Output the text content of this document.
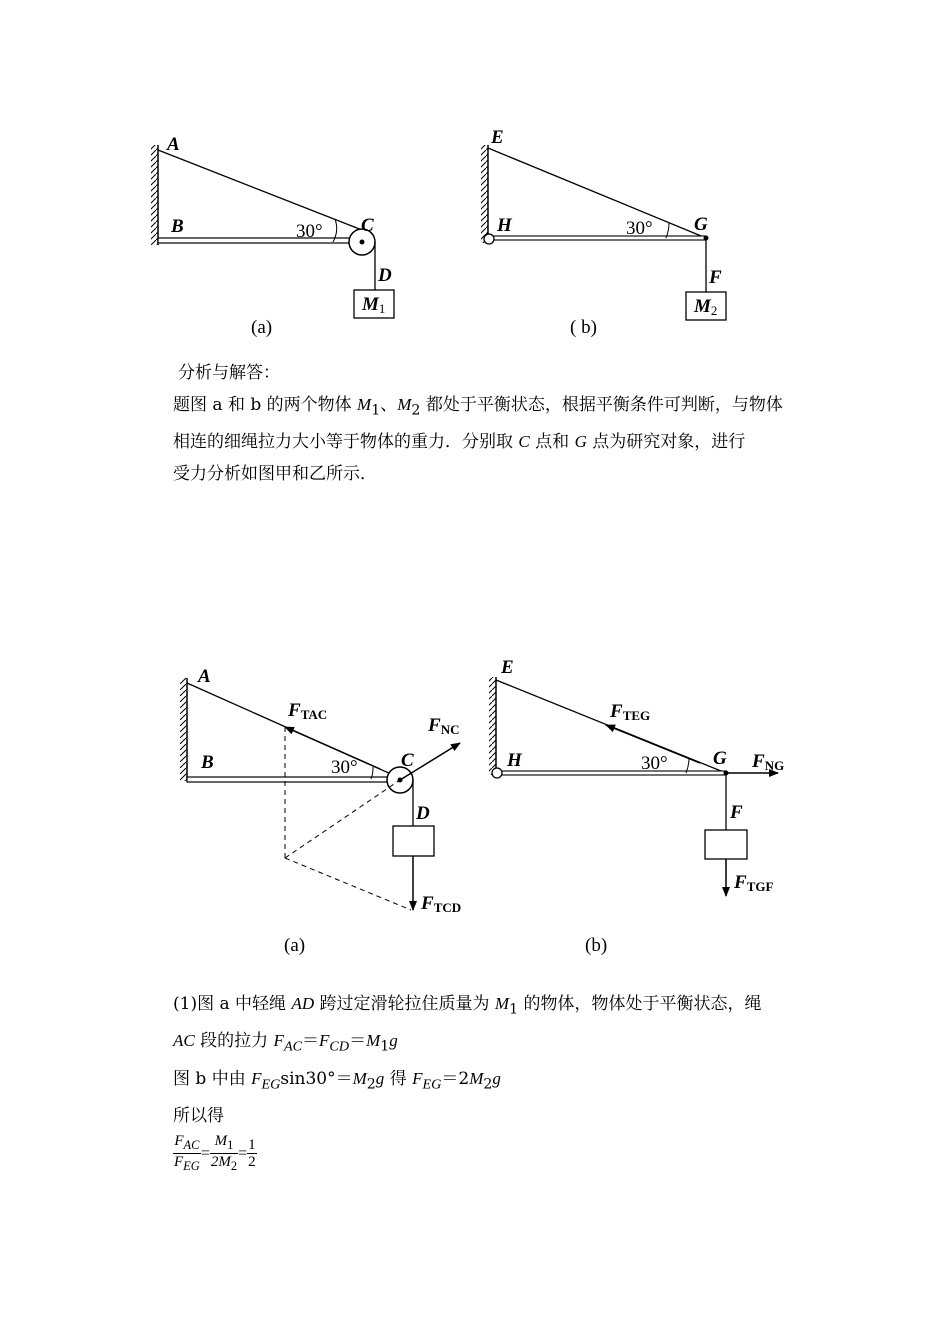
A
B	30° C
D
M1
(a)
E
H	30° G
F
M2
( b)
分析与解答：
题图 a 和 b 的两个物体 $M_1$、$M_2$ 都处于平衡状态，根据平衡条件可判断，与物体
相连的细绳拉力大小等于物体的重力．分别取 C 点和 G 点为研究对象，进行
受力分析如图甲和乙所示．
A
B	30° C
D
FTAC
FNC
FTCD
(a)
E
H	30° G
F
FTEG
FNG
FTGF
(b)
(1)图 a 中轻绳 AD 跨过定滑轮拉住质量为 $M_1$ 的物体，物体处于平衡状态，绳
AC 段的拉力 $F_{AC}=F_{CD}=M_1g$
图 b 中由 $F_{EG}\sin 30^\circ=M_2g$ 得 $F_{EG}=2M_2g$
所以得
$F_{AC}$
$F_{EG}=M_1$
$2M_2= 1$
2
